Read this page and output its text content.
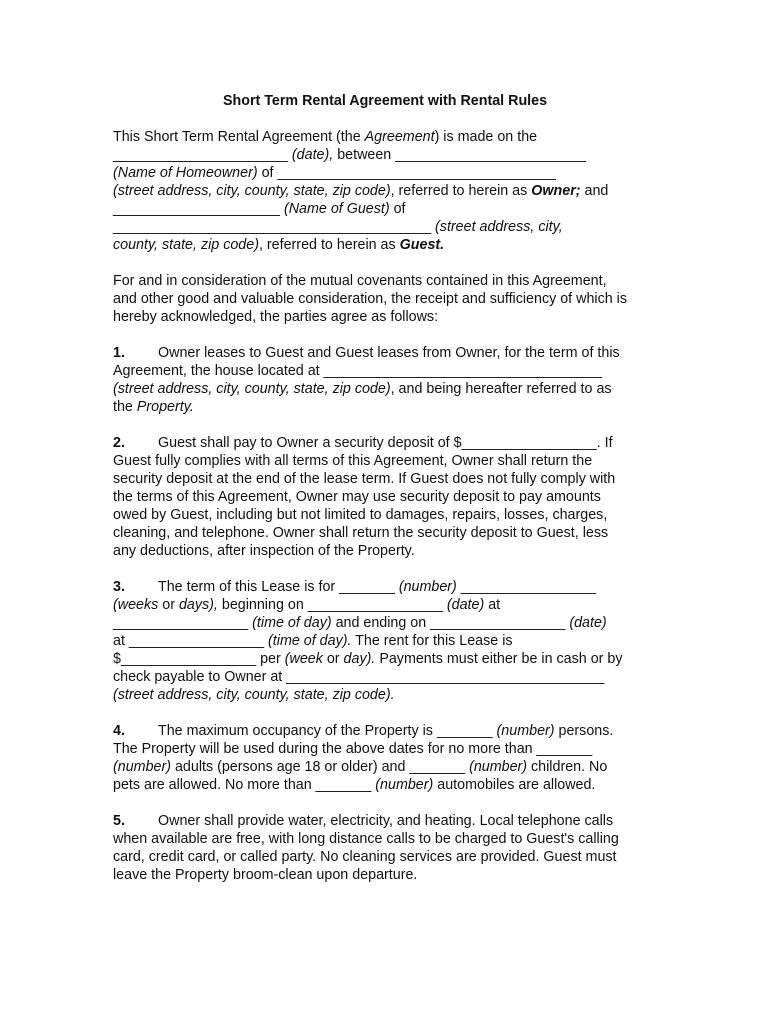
Short Term Rental Agreement with Rental Rules
This Short Term Rental Agreement (the Agreement) is made on the
______________________ (date), between ________________________
(Name of Homeowner) of ___________________________________
(street address, city, county, state, zip code), referred to herein as Owner; and
_____________________ (Name of Guest) of
________________________________________ (street address, city,
county, state, zip code), referred to herein as Guest.
For and in consideration of the mutual covenants contained in this Agreement,
and other good and valuable consideration, the receipt and sufficiency of which is
hereby acknowledged, the parties agree as follows:
1. Owner leases to Guest and Guest leases from Owner, for the term of this
Agreement, the house located at ___________________________________
(street address, city, county, state, zip code), and being hereafter referred to as
the Property.
2. Guest shall pay to Owner a security deposit of $_________________. If
Guest fully complies with all terms of this Agreement, Owner shall return the
security deposit at the end of the lease term. If Guest does not fully comply with
the terms of this Agreement, Owner may use security deposit to pay amounts
owed by Guest, including but not limited to damages, repairs, losses, charges,
cleaning, and telephone. Owner shall return the security deposit to Guest, less
any deductions, after inspection of the Property.
3. The term of this Lease is for _______ (number) _________________
(weeks or days), beginning on _________________ (date) at
_________________ (time of day) and ending on _________________ (date)
at _________________ (time of day). The rent for this Lease is
$_________________ per (week or day). Payments must either be in cash or by
check payable to Owner at ________________________________________
(street address, city, county, state, zip code).
4. The maximum occupancy of the Property is _______ (number) persons.
The Property will be used during the above dates for no more than _______
(number) adults (persons age 18 or older) and _______ (number) children. No
pets are allowed. No more than _______ (number) automobiles are allowed.
5. Owner shall provide water, electricity, and heating. Local telephone calls
when available are free, with long distance calls to be charged to Guest's calling
card, credit card, or called party. No cleaning services are provided. Guest must
leave the Property broom-clean upon departure.
